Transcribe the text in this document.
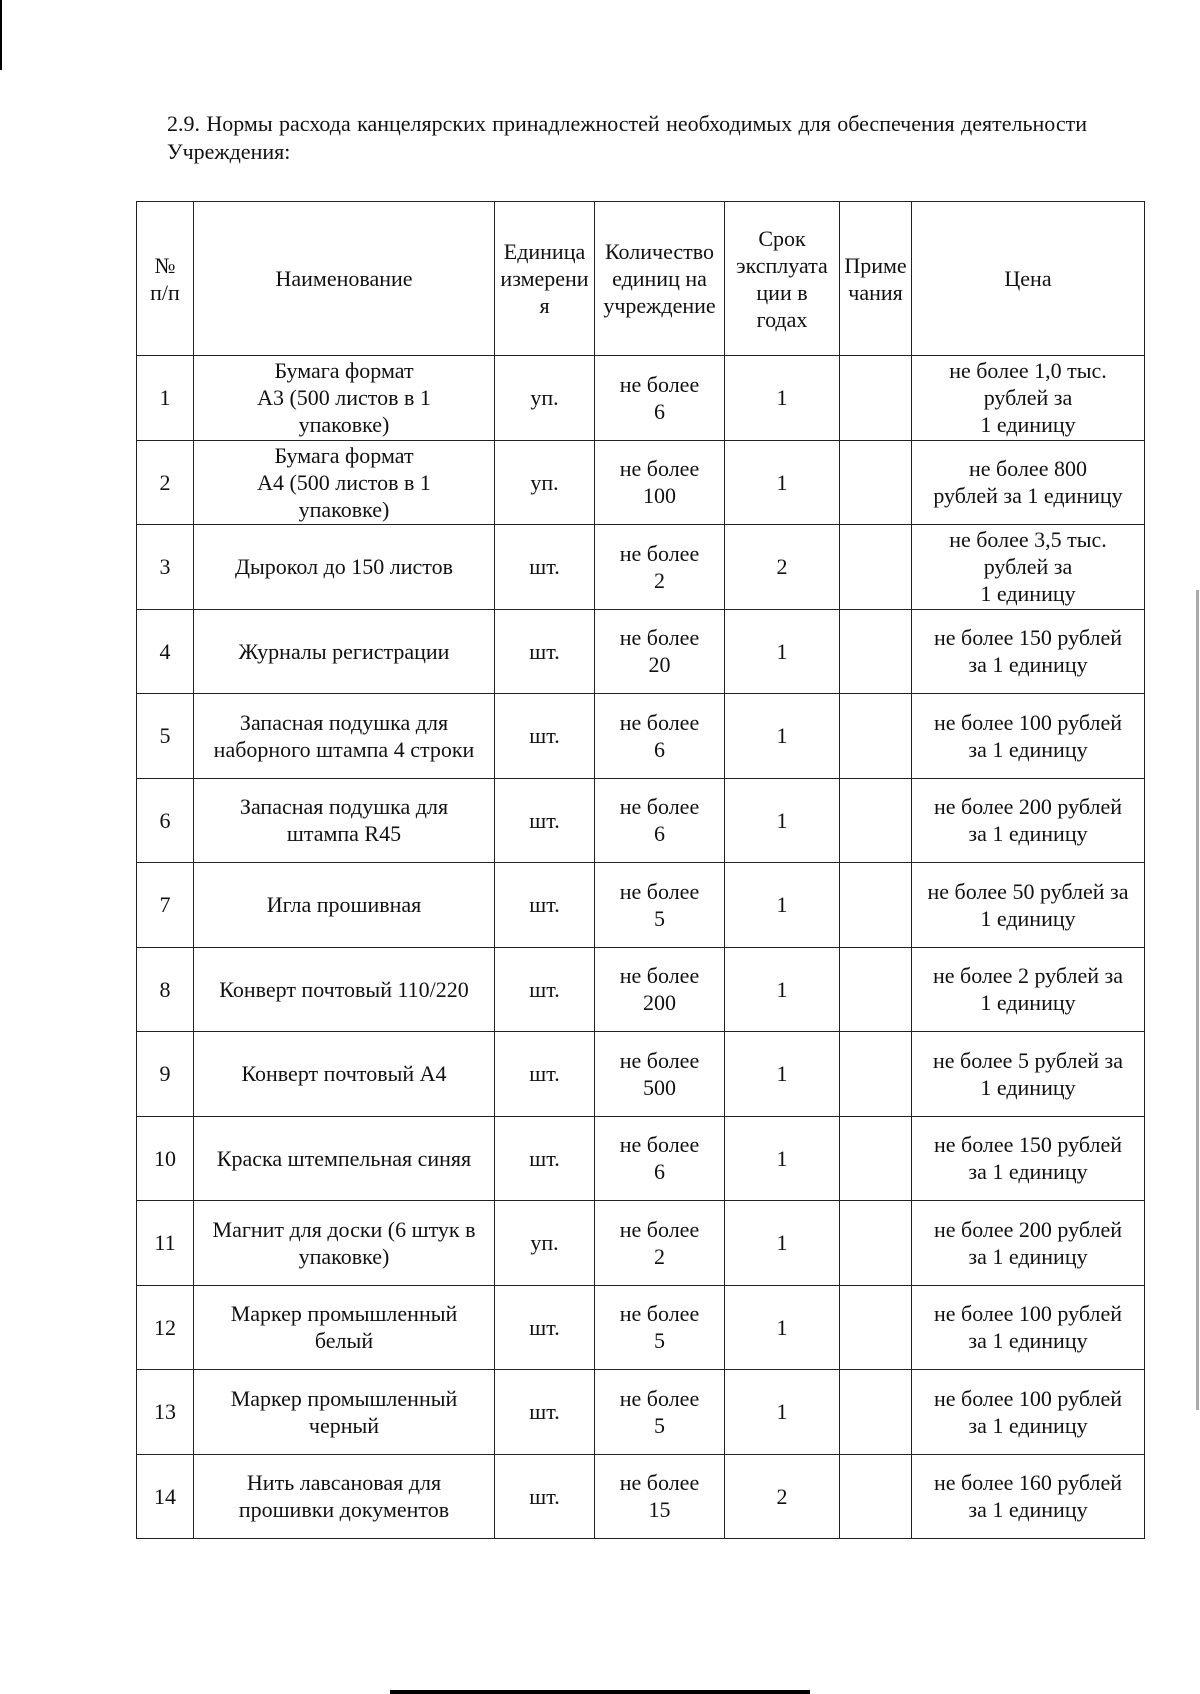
2.9. Нормы расхода канцелярских принадлежностей необходимых для обеспечения деятельности Учреждения:

№
п/п	Наименование	Единица
измерени
я	Количество
единиц на
учреждение	Срок
эксплуата
ции в
годах	Приме
чания	Цена

1	Бумага формат
А3 (500 листов в 1
упаковке)	уп.	не более
6	1		не более 1,0 тыс.
рублей за
1 единицу

2	Бумага формат
А4 (500 листов в 1
упаковке)	уп.	не более
100	1		не более 800
рублей за 1 единицу

3	Дырокол до 150 листов	шт.	не более
2	2		не более 3,5 тыс.
рублей за
1 единицу

4	Журналы регистрации	шт.	не более
20	1		не более 150 рублей
за 1 единицу

5	Запасная подушка для
наборного штампа 4 строки	шт.	не более
6	1		не более 100 рублей
за 1 единицу

6	Запасная подушка для
штампа R45	шт.	не более
6	1		не более 200 рублей
за 1 единицу

7	Игла прошивная	шт.	не более
5	1		не более 50 рублей за
1 единицу

8	Конверт почтовый 110/220	шт.	не более
200	1		не более 2 рублей за
1 единицу

9	Конверт почтовый А4	шт.	не более
500	1		не более 5 рублей за
1 единицу

10	Краска штемпельная синяя	шт.	не более
6	1		не более 150 рублей
за 1 единицу

11	Магнит для доски (6 штук в
упаковке)	уп.	не более
2	1		не более 200 рублей
за 1 единицу

12	Маркер промышленный
белый	шт.	не более
5	1		не более 100 рублей
за 1 единицу

13	Маркер промышленный
черный	шт.	не более
5	1		не более 100 рублей
за 1 единицу

14	Нить лавсановая для
прошивки документов	шт.	не более
15	2		не более 160 рублей
за 1 единицу
